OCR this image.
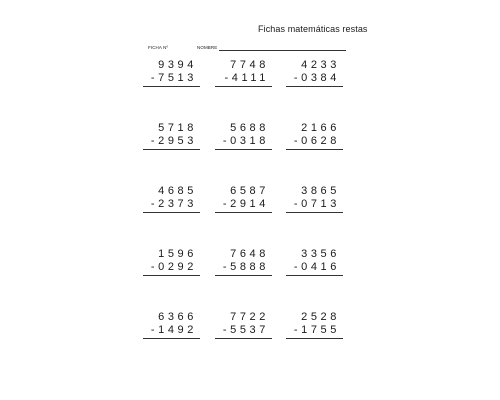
Fichas matemáticas restas
FICHA Nº	NOMBRE
9394
-7513
7748
-4111
4233
-0384
5718
-2953
5688
-0318
2166
-0628
4685
-2373
6587
-2914
3865
-0713
1596
-0292
7648
-5888
3356
-0416
6366
-1492
7722
-5537
2528
-1755
